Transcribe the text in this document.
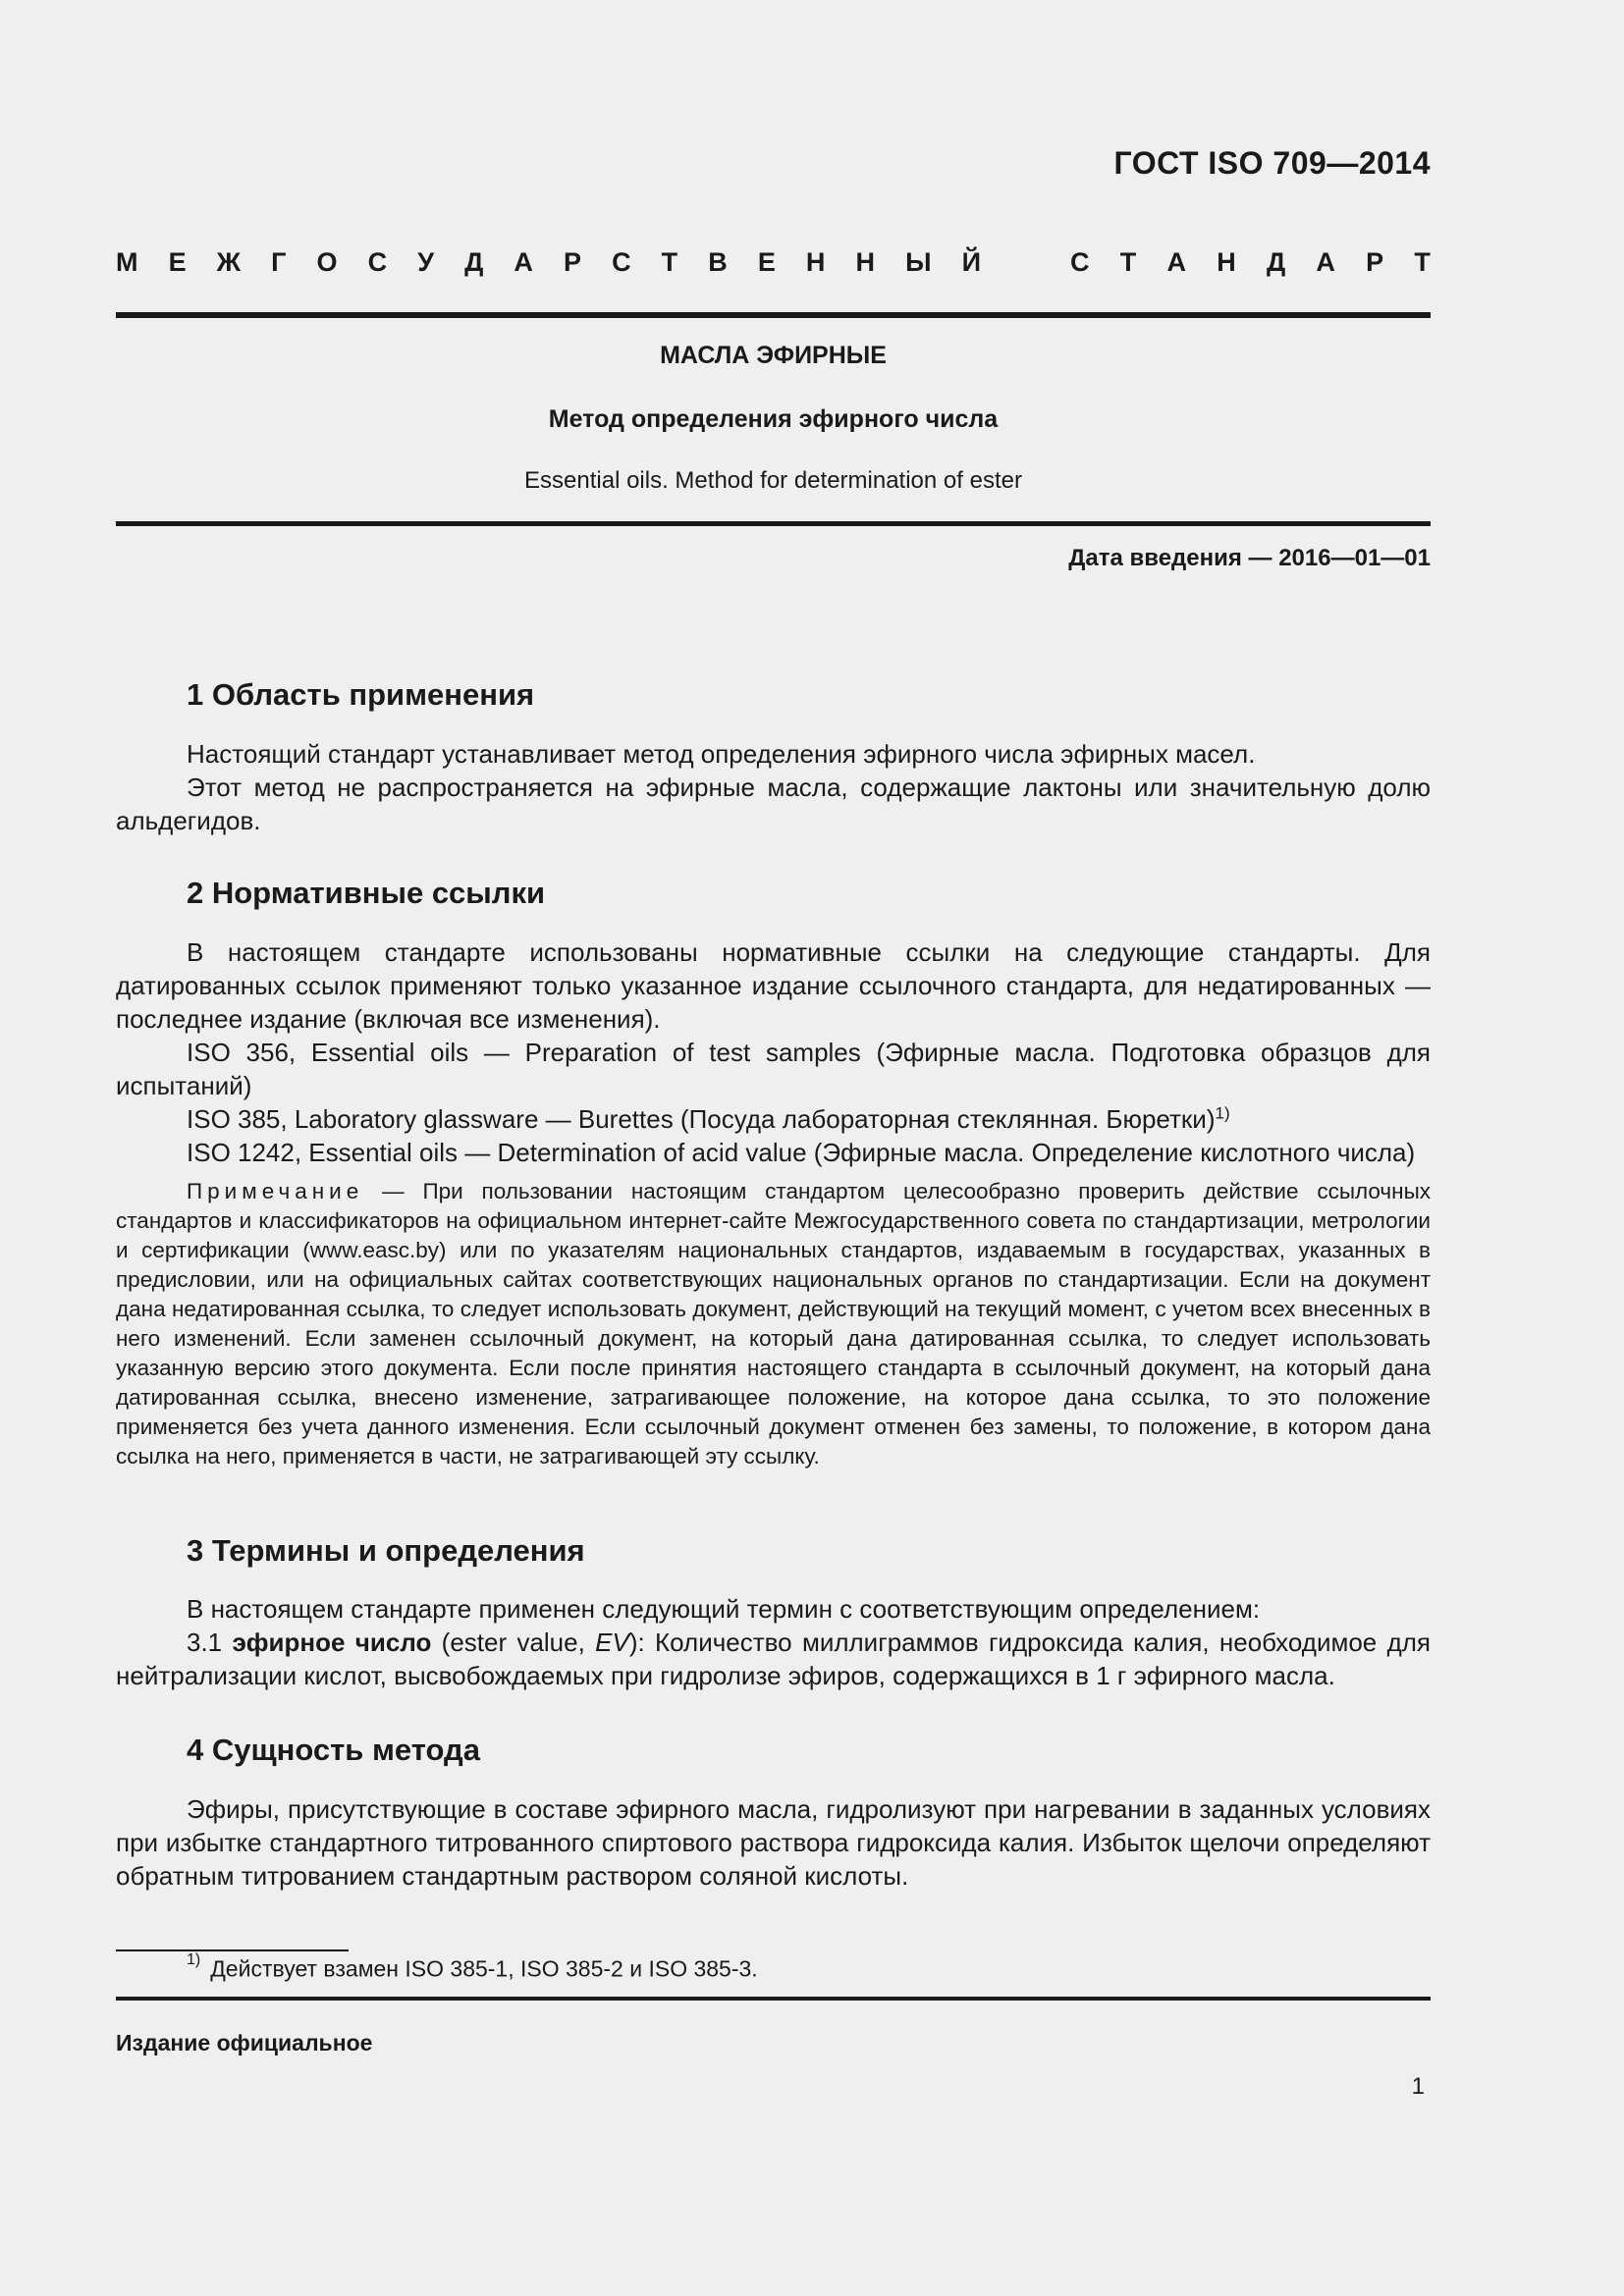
ГОСТ ISO 709—2014
М Е Ж Г О С У Д А Р С Т В Е Н Н Ы Й	С Т А Н Д А Р Т
МАСЛА ЭФИРНЫЕ
Метод определения эфирного числа
Essential oils. Method for determination of ester
Дата введения — 2016—01—01
1 Область применения

Настоящий стандарт устанавливает метод определения эфирного числа эфирных масел.

Этот метод не распространяется на эфирные масла, содержащие лактоны или значительную долю альдегидов.

2 Нормативные ссылки

В настоящем стандарте использованы нормативные ссылки на следующие стандарты. Для датированных ссылок применяют только указанное издание ссылочного стандарта, для недатированных — последнее издание (включая все изменения).

ISO 356, Essential oils — Preparation of test samples (Эфирные масла. Подготовка образцов для испытаний)

ISO 385, Laboratory glassware — Burettes (Посуда лабораторная стеклянная. Бюретки)$^{1)}$

ISO 1242, Essential oils — Determination of acid value (Эфирные масла. Определение кислотного числа)

Примечание — При пользовании настоящим стандартом целесообразно проверить действие ссылочных стандартов и классификаторов на официальном интернет-сайте Межгосударственного совета по стандартизации, метрологии и сертификации (www.easc.by) или по указателям национальных стандартов, издаваемым в государствах, указанных в предисловии, или на официальных сайтах соответствующих национальных органов по стандартизации. Если на документ дана недатированная ссылка, то следует использовать документ, действующий на текущий момент, с учетом всех внесенных в него изменений. Если заменен ссылочный документ, на который дана датированная ссылка, то следует использовать указанную версию этого документа. Если после принятия настоящего стандарта в ссылочный документ, на который дана датированная ссылка, внесено изменение, затрагивающее положение, на которое дана ссылка, то это положение применяется без учета данного изменения. Если ссылочный документ отменен без замены, то положение, в котором дана ссылка на него, применяется в части, не затрагивающей эту ссылку.

3 Термины и определения

В настоящем стандарте применен следующий термин с соответствующим определением:

3.1 эфирное число (ester value, EV): Количество миллиграммов гидроксида калия, необходимое для нейтрализации кислот, высвобождаемых при гидролизе эфиров, содержащихся в 1 г эфирного масла.

4 Сущность метода

Эфиры, присутствующие в составе эфирного масла, гидролизуют при нагревании в заданных условиях при избытке стандартного титрованного спиртового раствора гидроксида калия. Избыток щелочи определяют обратным титрованием стандартным раствором соляной кислоты.

$^{1)}$ Действует взамен ISO 385-1, ISO 385-2 и ISO 385-3.
Издание официальное
1
